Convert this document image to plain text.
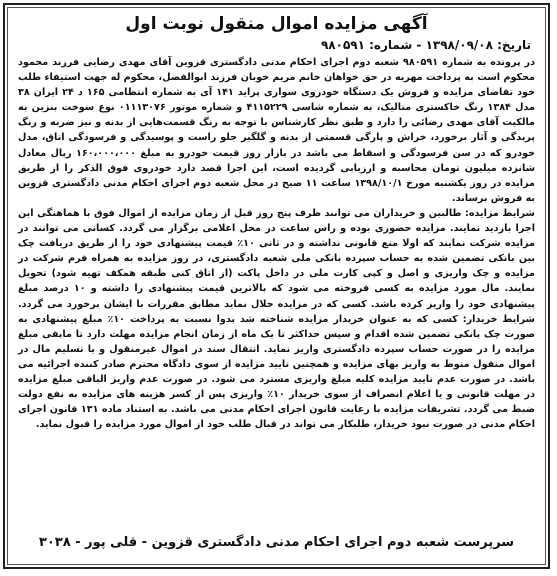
آگهی مزایده اموال منقول نوبت اول
تاریخ: ۱۳۹۸/۰۹/۰۸ - شماره: ۹۸۰۵۹۱

در پرونده به شماره ۹۸۰۵۹۱ شعبه دوم اجرای احکام مدنی دادگستری قزوین آقای مهدی رضایی فرزند محمود محکوم است به پرداخت مهریه در حق خواهان خانم مریم خوبان فرزند ابوالفضل، محکوم له جهت استیفاء طلب خود تقاضای مزایده و فروش یک دستگاه خودروی سواری پراید ۱۴۱ آی به شماره انتظامی ۱۶۵ د ۲۴ ایران ۳۸ مدل ۱۳۸۴ رنگ خاکستری متالیک، به شماره شاسی ۴۱۱۵۲۲۹ و شماره موتور ۰۱۱۱۳۰۷۶ نوع سوخت بنزین به مالکیت آقای مهدی رضائی را دارد و طبق نظر کارشناس با توجه به رنگ قسمت‌هایی از بدنه و نیز ضربه و رنگ پریدگی و آثار برخورد، خراش و پارگی قسمتی از بدنه و گلگیر جلو راست و پوسیدگی و فرسودگی اتاق، مدل خودرو که در سن فرسودگی و اسقاط می باشد در بازار روز قیمت خودرو به مبلغ ۱۶۰،۰۰۰،۰۰۰ ریال معادل شانزده میلیون تومان محاسبه و ارزیابی گردیده است، این اجرا قصد دارد خودروی فوق الذکر را از طریق مزایده در روز یکشنبه مورخ ۱۳۹۸/۱۰/۱ ساعت ۱۱ صبح در محل شعبه دوم اجرای احکام مدنی دادگستری قزوین به فروش برساند.

شرایط مزایده: طالبین و خریداران می توانند ظرف پنج روز قبل از زمان مزایده از اموال فوق با هماهنگی این اجرا بازدید نمایند. مزایده حضوری بوده و راس ساعت در محل اعلامی برگزار می گردد. کسانی می توانند در مزایده شرکت نمایند که اولا منع قانونی نداشته و در ثانی ۱۰٪ قیمت پیشنهادی خود را از طریق دریافت چک بین بانکی تضمین شده به حساب سپرده بانکی ملی شعبه دادگستری، در روز مزایده به همراه فرم شرکت در مزایده و چک واریزی و اصل و کپی کارت ملی در داخل پاکت (از اتاق کنی طبقه همکف تهیه شود) تحویل نمایند. مال مورد مزایده به کسی فروخته می شود که بالاترین قیمت پیشنهادی را داشته و ۱۰ درصد مبلغ پیشنهادی خود را واریز کرده باشد. کسی که در مزایده خلال نماید مطابق مقررات با ایشان برخورد می گردد. شرایط خریدار: کسی که به عنوان خریدار مزایده شناخته شد بدوا نسبت به پرداخت ۱۰٪ مبلغ پیشنهادی به صورت چک بانکی تضمین شده اقدام و سپس حداکثر تا یک ماه از زمان انجام مزایده مهلت دارد تا مابقی مبلغ مزایده را در صورت حساب سپرده دادگستری واریز نماید. انتقال سند در اموال غیرمنقول و یا تسلیم مال در اموال منقول منوط به واریز بهای مزایده و همچنین تایید مزایده از سوی دادگاه محترم صادر کننده اجرائیه می باشد. در صورت عدم تایید مزایده کلیه مبلغ واریزی مسترد می شود. در صورت عدم واریز الباقی مبلغ مزایده در مهلت قانونی و یا اعلام انصراف از سوی خریدار ۱۰٪ واریزی پس از کسر هزینه های مزایده به نفع دولت ضبط می گردد. تشریفات مزایده با رعایت قانون اجرای احکام مدنی می باشد. به استناد ماده ۱۳۱ قانون اجرای احکام مدنی در صورت نبود خریدار، طلبکار می تواند در قبال طلب خود از اموال مورد مزایده را قبول نماید.

سرپرست شعبه دوم اجرای احکام مدنی دادگستری قزوین - قلی پور - ۳۰۳۸
